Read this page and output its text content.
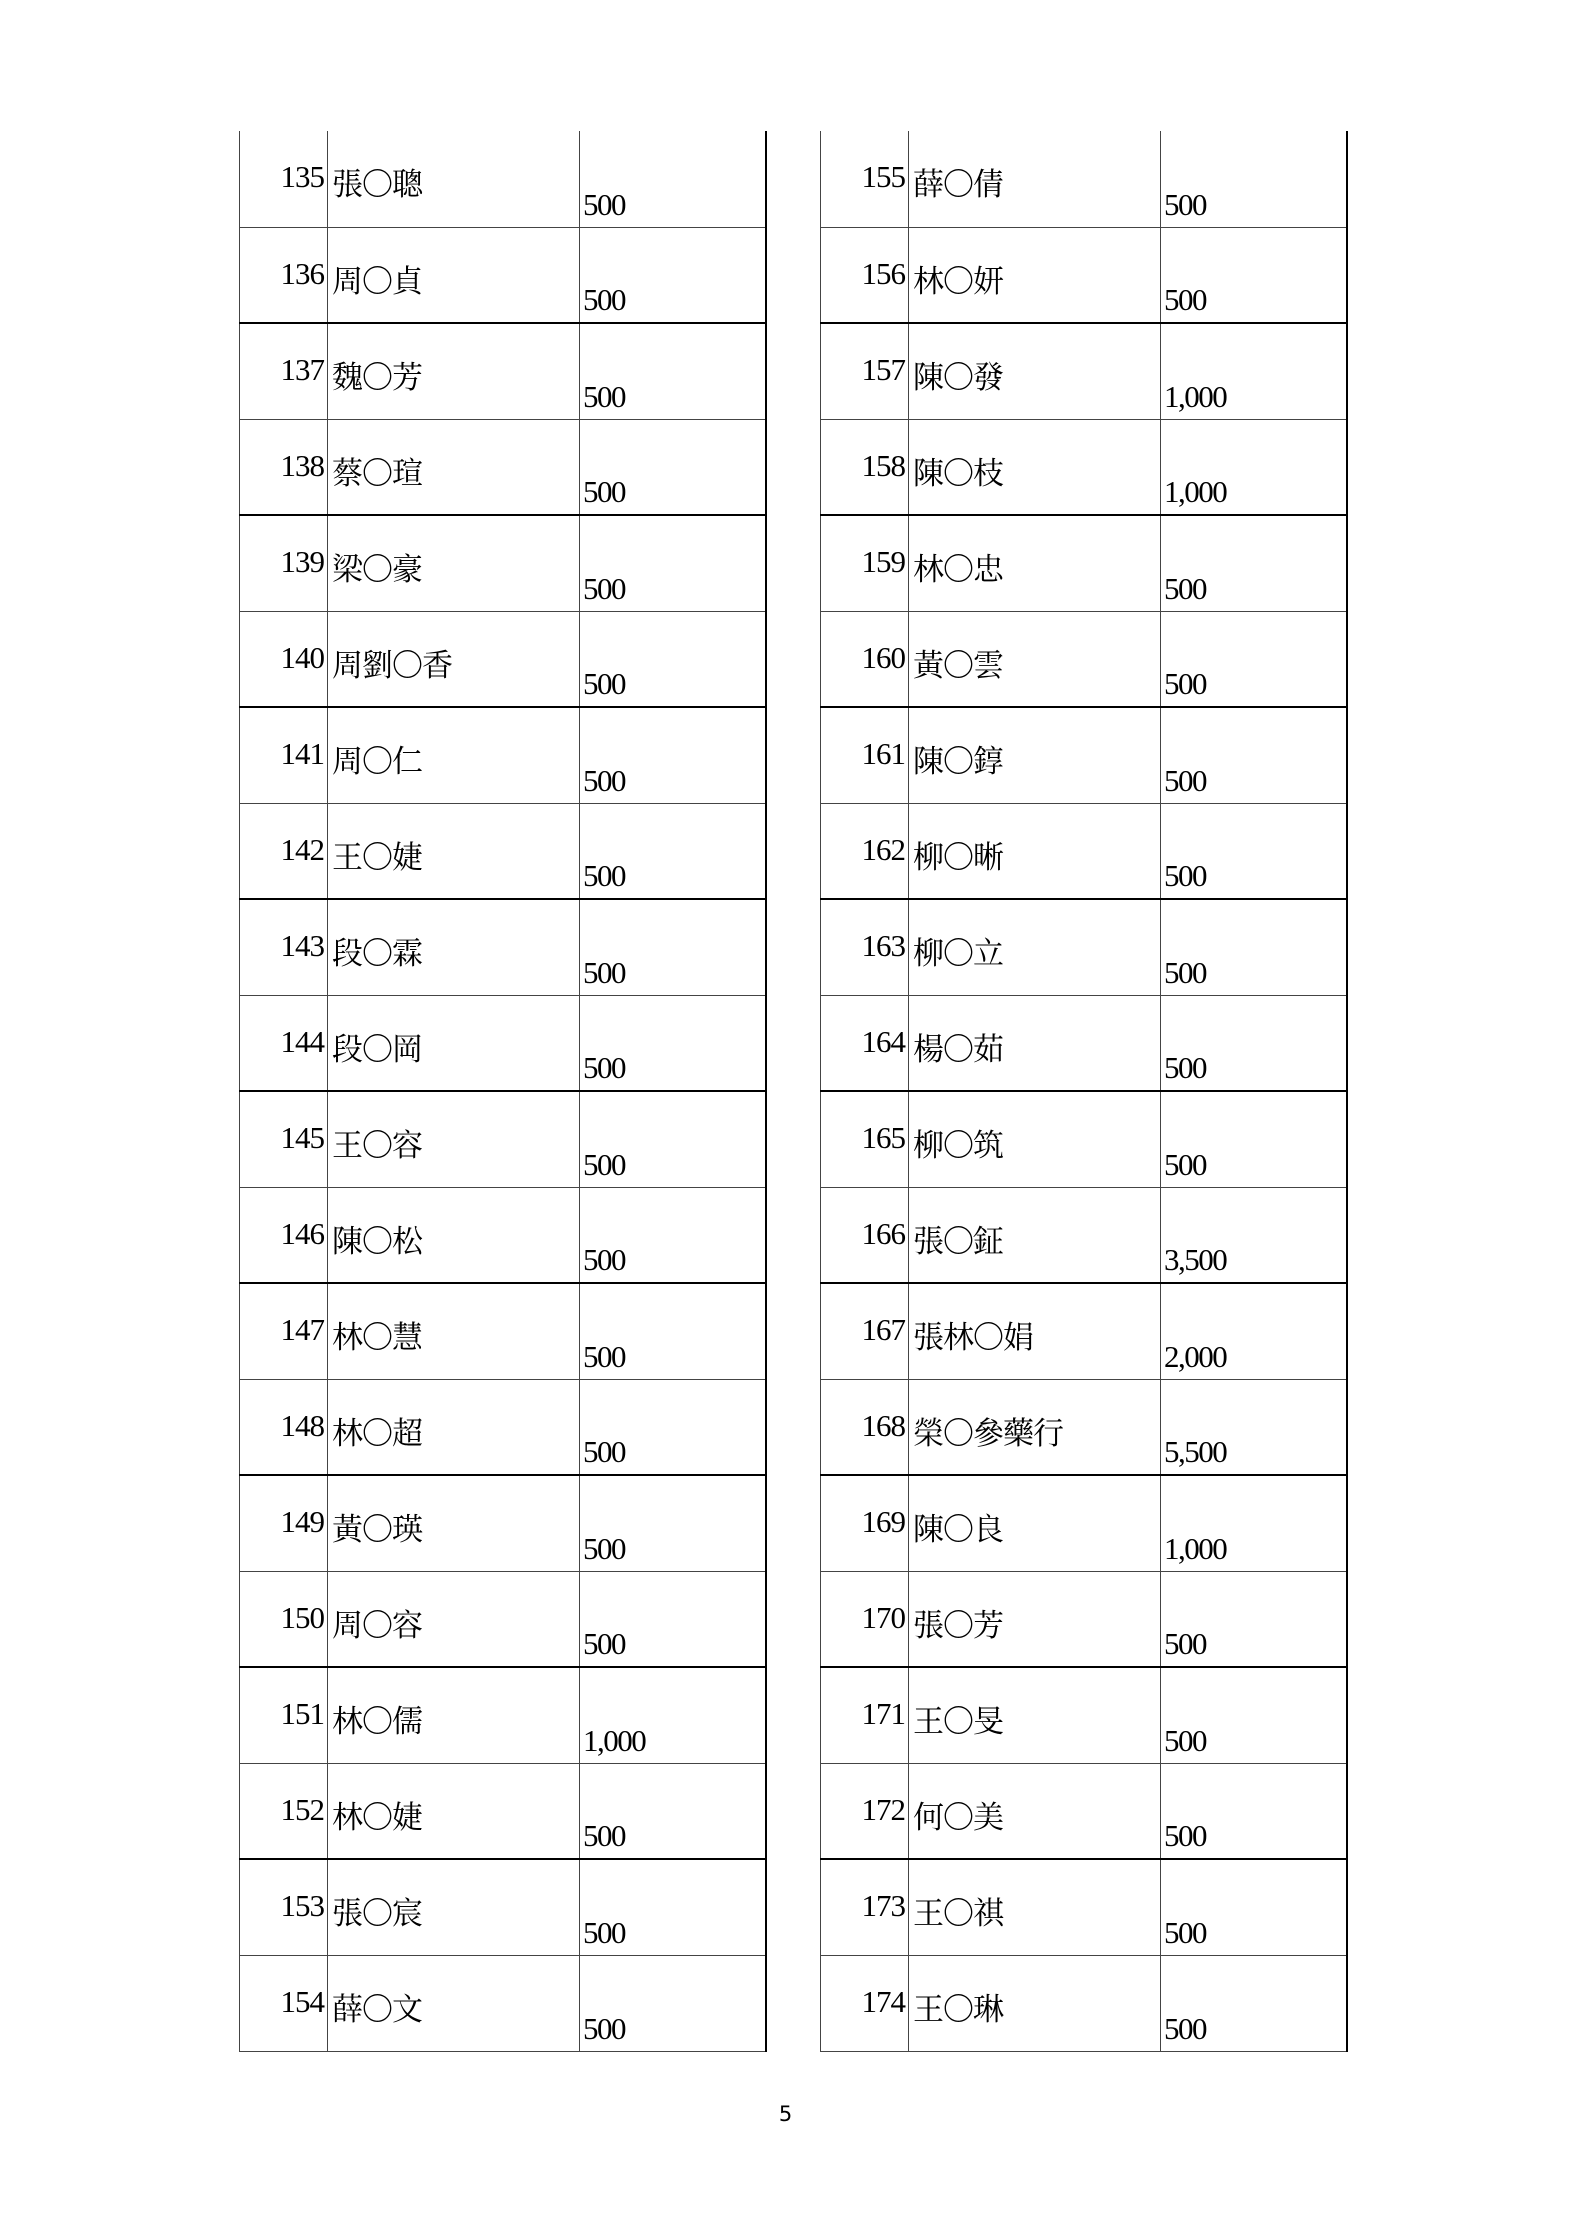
135	張〇聰	500
136	周〇貞	500
137	魏〇芳	500
138	蔡〇瑄	500
139	梁〇豪	500
140	周劉〇香	500
141	周〇仁	500
142	王〇婕	500
143	段〇霖	500
144	段〇岡	500
145	王〇容	500
146	陳〇松	500
147	林〇慧	500
148	林〇超	500
149	黃〇瑛	500
150	周〇容	500
151	林〇儒	1,000
152	林〇婕	500
153	張〇宸	500
154	薛〇文	500
155	薛〇倩	500
156	林〇妍	500
157	陳〇發	1,000
158	陳〇枝	1,000
159	林〇忠	500
160	黃〇雲	500
161	陳〇錞	500
162	柳〇晰	500
163	柳〇立	500
164	楊〇茹	500
165	柳〇筑	500
166	張〇鉦	3,500
167	張林〇娟	2,000
168	榮〇參藥行	5,500
169	陳〇良	1,000
170	張〇芳	500
171	王〇旻	500
172	何〇美	500
173	王〇祺	500
174	王〇琳	500
5
